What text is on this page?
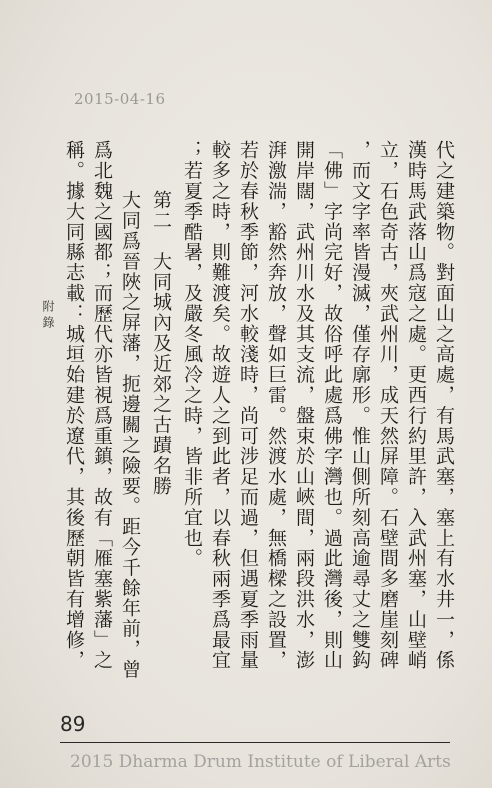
2015-04-16
代之建築物。對面山之高處，有馬武塞，塞上有水井一，係
漢時馬武落山爲寇之處。更西行約里許，入武州塞，山壁峭
立，石色奇古，夾武州川，成天然屏障。石壁間多磨崖刻碑
，而文字率皆漫滅，僅存廓形。惟山側所刻高逾尋丈之雙鈎
「佛」字尚完好，故俗呼此處爲佛字灣也。過此灣後，則山
開岸闊，武州川水及其支流，盤束於山峽間，兩段洪水，澎
湃激湍，豁然奔放，聲如巨雷。然渡水處，無橋樑之設置，
若於春秋季節，河水較淺時，尚可涉足而過，但遇夏季雨量
較多之時，則難渡矣。故遊人之到此者，以春秋兩季爲最宜
；若夏季酷暑，及嚴冬風冷之時，皆非所宜也。
第二　大同城內及近郊之古蹟名勝
大同爲晉陜之屏藩，扼邊關之險要。距今千餘年前，曾
爲北魏之國都；而歷代亦皆視爲重鎮，故有「雁塞紫藩」之
稱。據大同縣志載：城垣始建於遼代，其後歷朝皆有增修，
附錄
89
2015 Dharma Drum Institute of Liberal Arts
